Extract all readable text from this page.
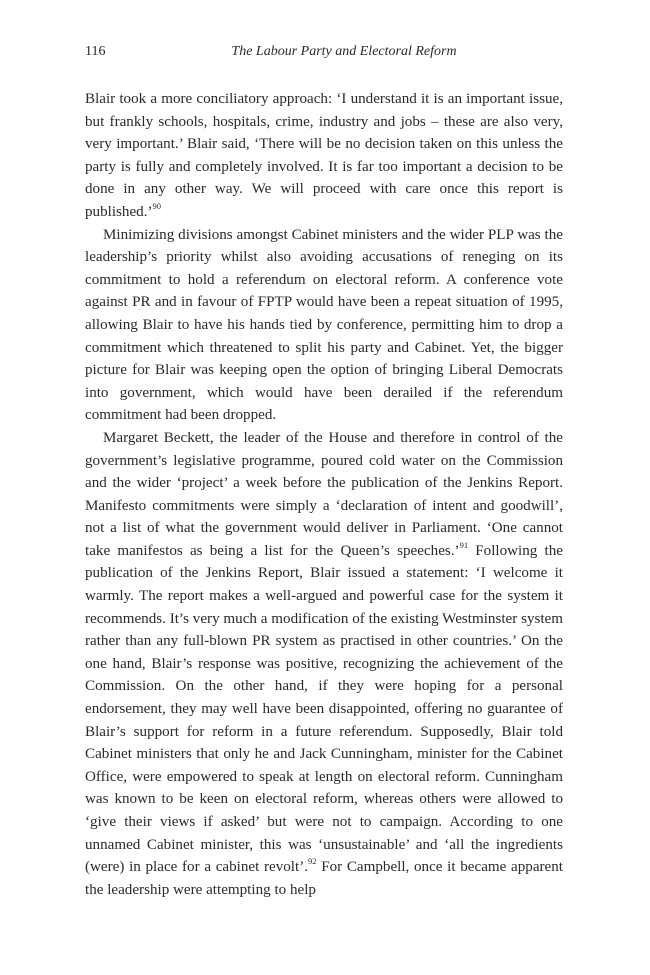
116	The Labour Party and Electoral Reform

Blair took a more conciliatory approach: ‘I understand it is an important issue, but frankly schools, hospitals, crime, industry and jobs – these are also very, very important.’ Blair said, ‘There will be no decision taken on this unless the party is fully and completely involved. It is far too important a decision to be done in any other way. We will proceed with care once this report is published.’$^{90}$

Minimizing divisions amongst Cabinet ministers and the wider PLP was the leadership’s priority whilst also avoiding accusations of reneging on its commitment to hold a referendum on electoral reform. A conference vote against PR and in favour of FPTP would have been a repeat situation of 1995, allowing Blair to have his hands tied by conference, permitting him to drop a commitment which threatened to split his party and Cabinet. Yet, the bigger picture for Blair was keeping open the option of bringing Liberal Democrats into government, which would have been derailed if the referendum commitment had been dropped.

Margaret Beckett, the leader of the House and therefore in control of the government’s legislative programme, poured cold water on the Commission and the wider ‘project’ a week before the publication of the Jenkins Report. Manifesto commitments were simply a ‘declaration of intent and goodwill’, not a list of what the government would deliver in Parliament. ‘One cannot take manifestos as being a list for the Queen’s speeches.’$^{91}$ Following the publication of the Jenkins Report, Blair issued a statement: ‘I welcome it warmly. The report makes a well-argued and powerful case for the system it recommends. It’s very much a modification of the existing Westminster system rather than any full-blown PR system as practised in other countries.’ On the one hand, Blair’s response was positive, recognizing the achievement of the Commission. On the other hand, if they were hoping for a personal endorsement, they may well have been disappointed, offering no guarantee of Blair’s support for reform in a future referendum. Supposedly, Blair told Cabinet ministers that only he and Jack Cunningham, minister for the Cabinet Office, were empowered to speak at length on electoral reform. Cunningham was known to be keen on electoral reform, whereas others were allowed to ‘give their views if asked’ but were not to campaign. According to one unnamed Cabinet minister, this was ‘unsustainable’ and ‘all the ingredients (were) in place for a cabinet revolt’.$^{92}$ For Campbell, once it became apparent the leadership were attempting to help
